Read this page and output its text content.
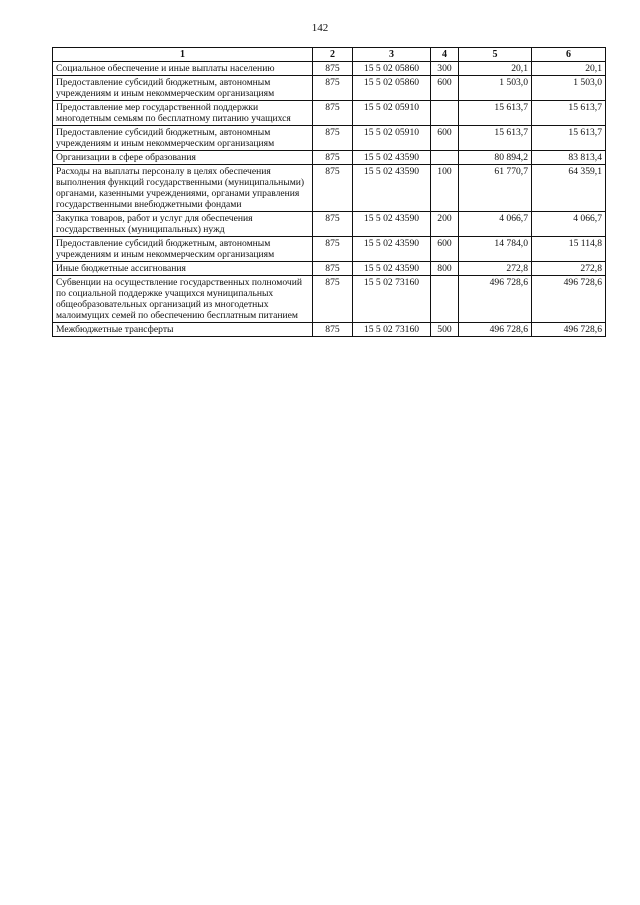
142
1	2	3	4	5	6
Социальное обеспечение и иные выплаты населению	875	15 5 02 05860	300	20,1	20,1
Предоставление субсидий бюджетным, автономным учреждениям и иным некоммерческим организациям	875	15 5 02 05860	600	1 503,0	1 503,0
Предоставление мер государственной поддержки многодетным семьям по бесплатному питанию учащихся	875	15 5 02 05910		15 613,7	15 613,7
Предоставление субсидий бюджетным, автономным учреждениям и иным некоммерческим организациям	875	15 5 02 05910	600	15 613,7	15 613,7
Организации в сфере образования	875	15 5 02 43590		80 894,2	83 813,4
Расходы на выплаты персоналу в целях обеспечения выполнения функций государственными (муниципальными) органами, казенными учреждениями, органами управления государственными внебюджетными фондами	875	15 5 02 43590	100	61 770,7	64 359,1
Закупка товаров, работ и услуг для обеспечения государственных (муниципальных) нужд	875	15 5 02 43590	200	4 066,7	4 066,7
Предоставление субсидий бюджетным, автономным учреждениям и иным некоммерческим организациям	875	15 5 02 43590	600	14 784,0	15 114,8
Иные бюджетные ассигнования	875	15 5 02 43590	800	272,8	272,8
Субвенции на осуществление государственных полномочий по социальной поддержке учащихся муниципальных общеобразовательных организаций из многодетных малоимущих семей по обеспечению бесплатным питанием	875	15 5 02 73160		496 728,6	496 728,6
Межбюджетные трансферты	875	15 5 02 73160	500	496 728,6	496 728,6
